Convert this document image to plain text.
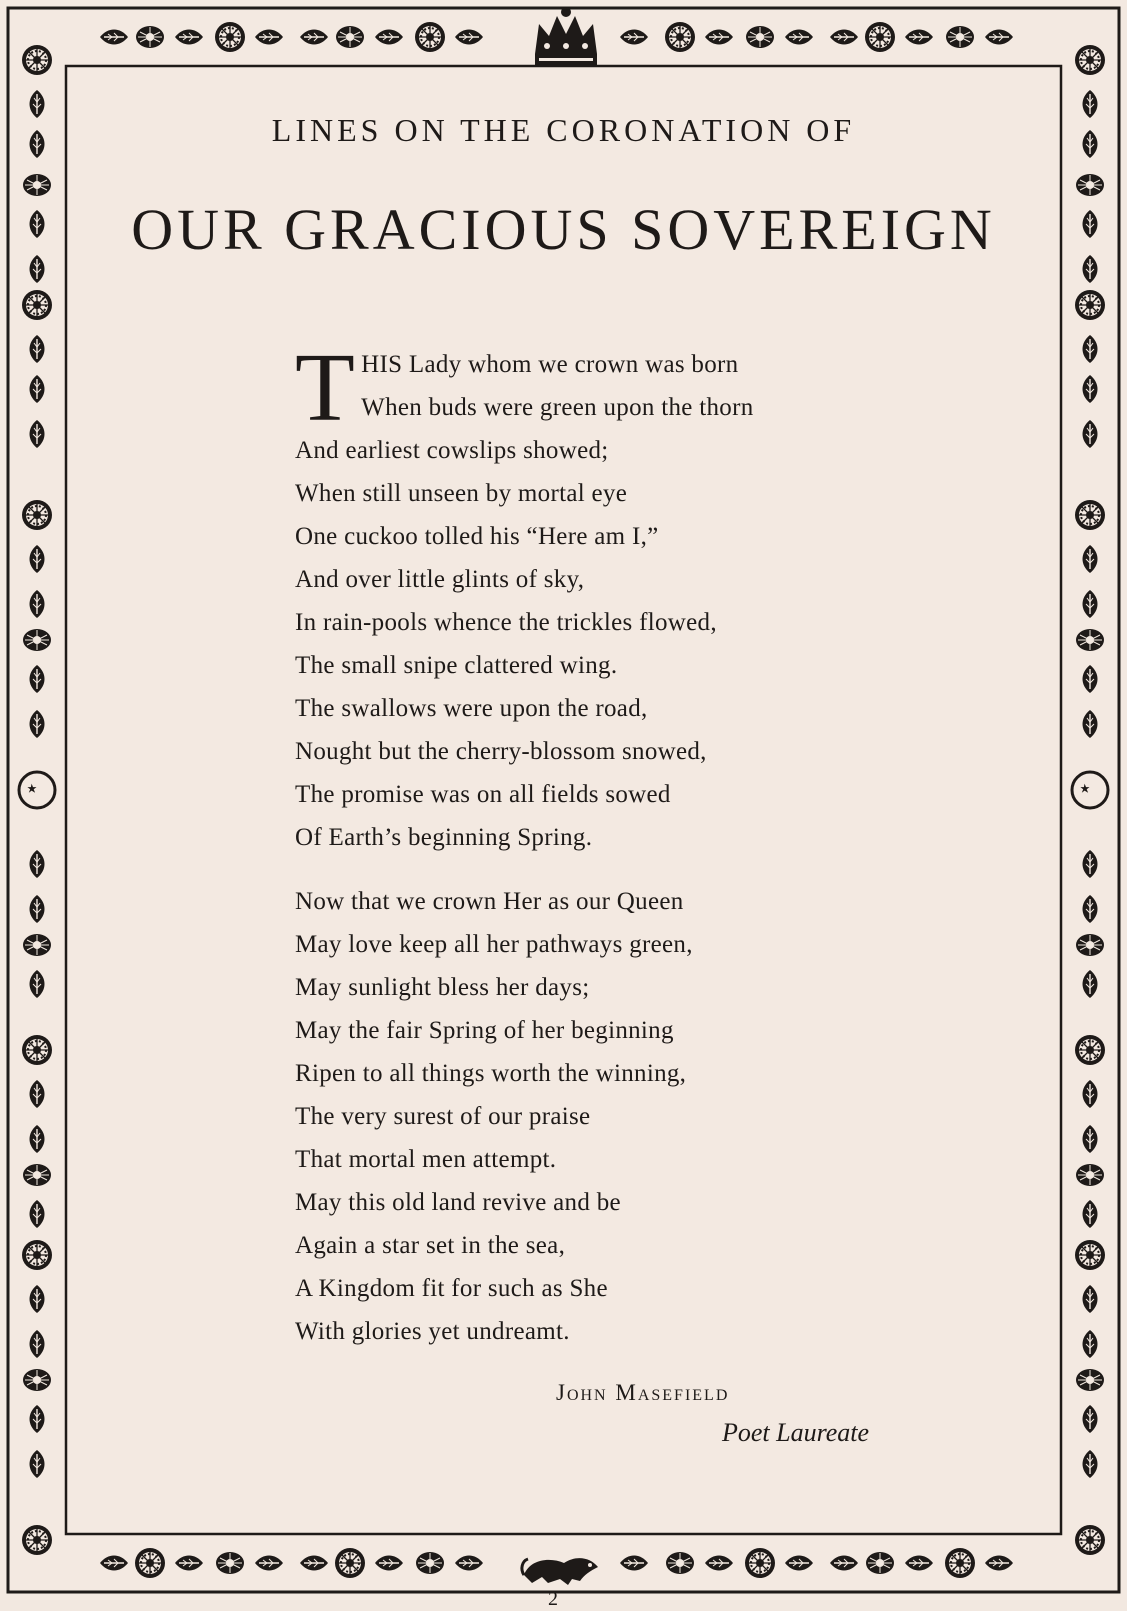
LINES ON THE CORONATION OF
OUR GRACIOUS SOVEREIGN
T HIS Lady whom we crown was born
When buds were green upon the thorn
And earliest cowslips showed;
When still unseen by mortal eye
One cuckoo tolled his “Here am I,”
And over little glints of sky,
In rain-pools whence the trickles flowed,
The small snipe clattered wing.
The swallows were upon the road,
Nought but the cherry-blossom snowed,
The promise was on all fields sowed
Of Earth’s beginning Spring.
Now that we crown Her as our Queen
May love keep all her pathways green,
May sunlight bless her days;
May the fair Spring of her beginning
Ripen to all things worth the winning,
The very surest of our praise
That mortal men attempt.
May this old land revive and be
Again a star set in the sea,
A Kingdom fit for such as She
With glories yet undreamt.
John Masefield
Poet Laureate
2
